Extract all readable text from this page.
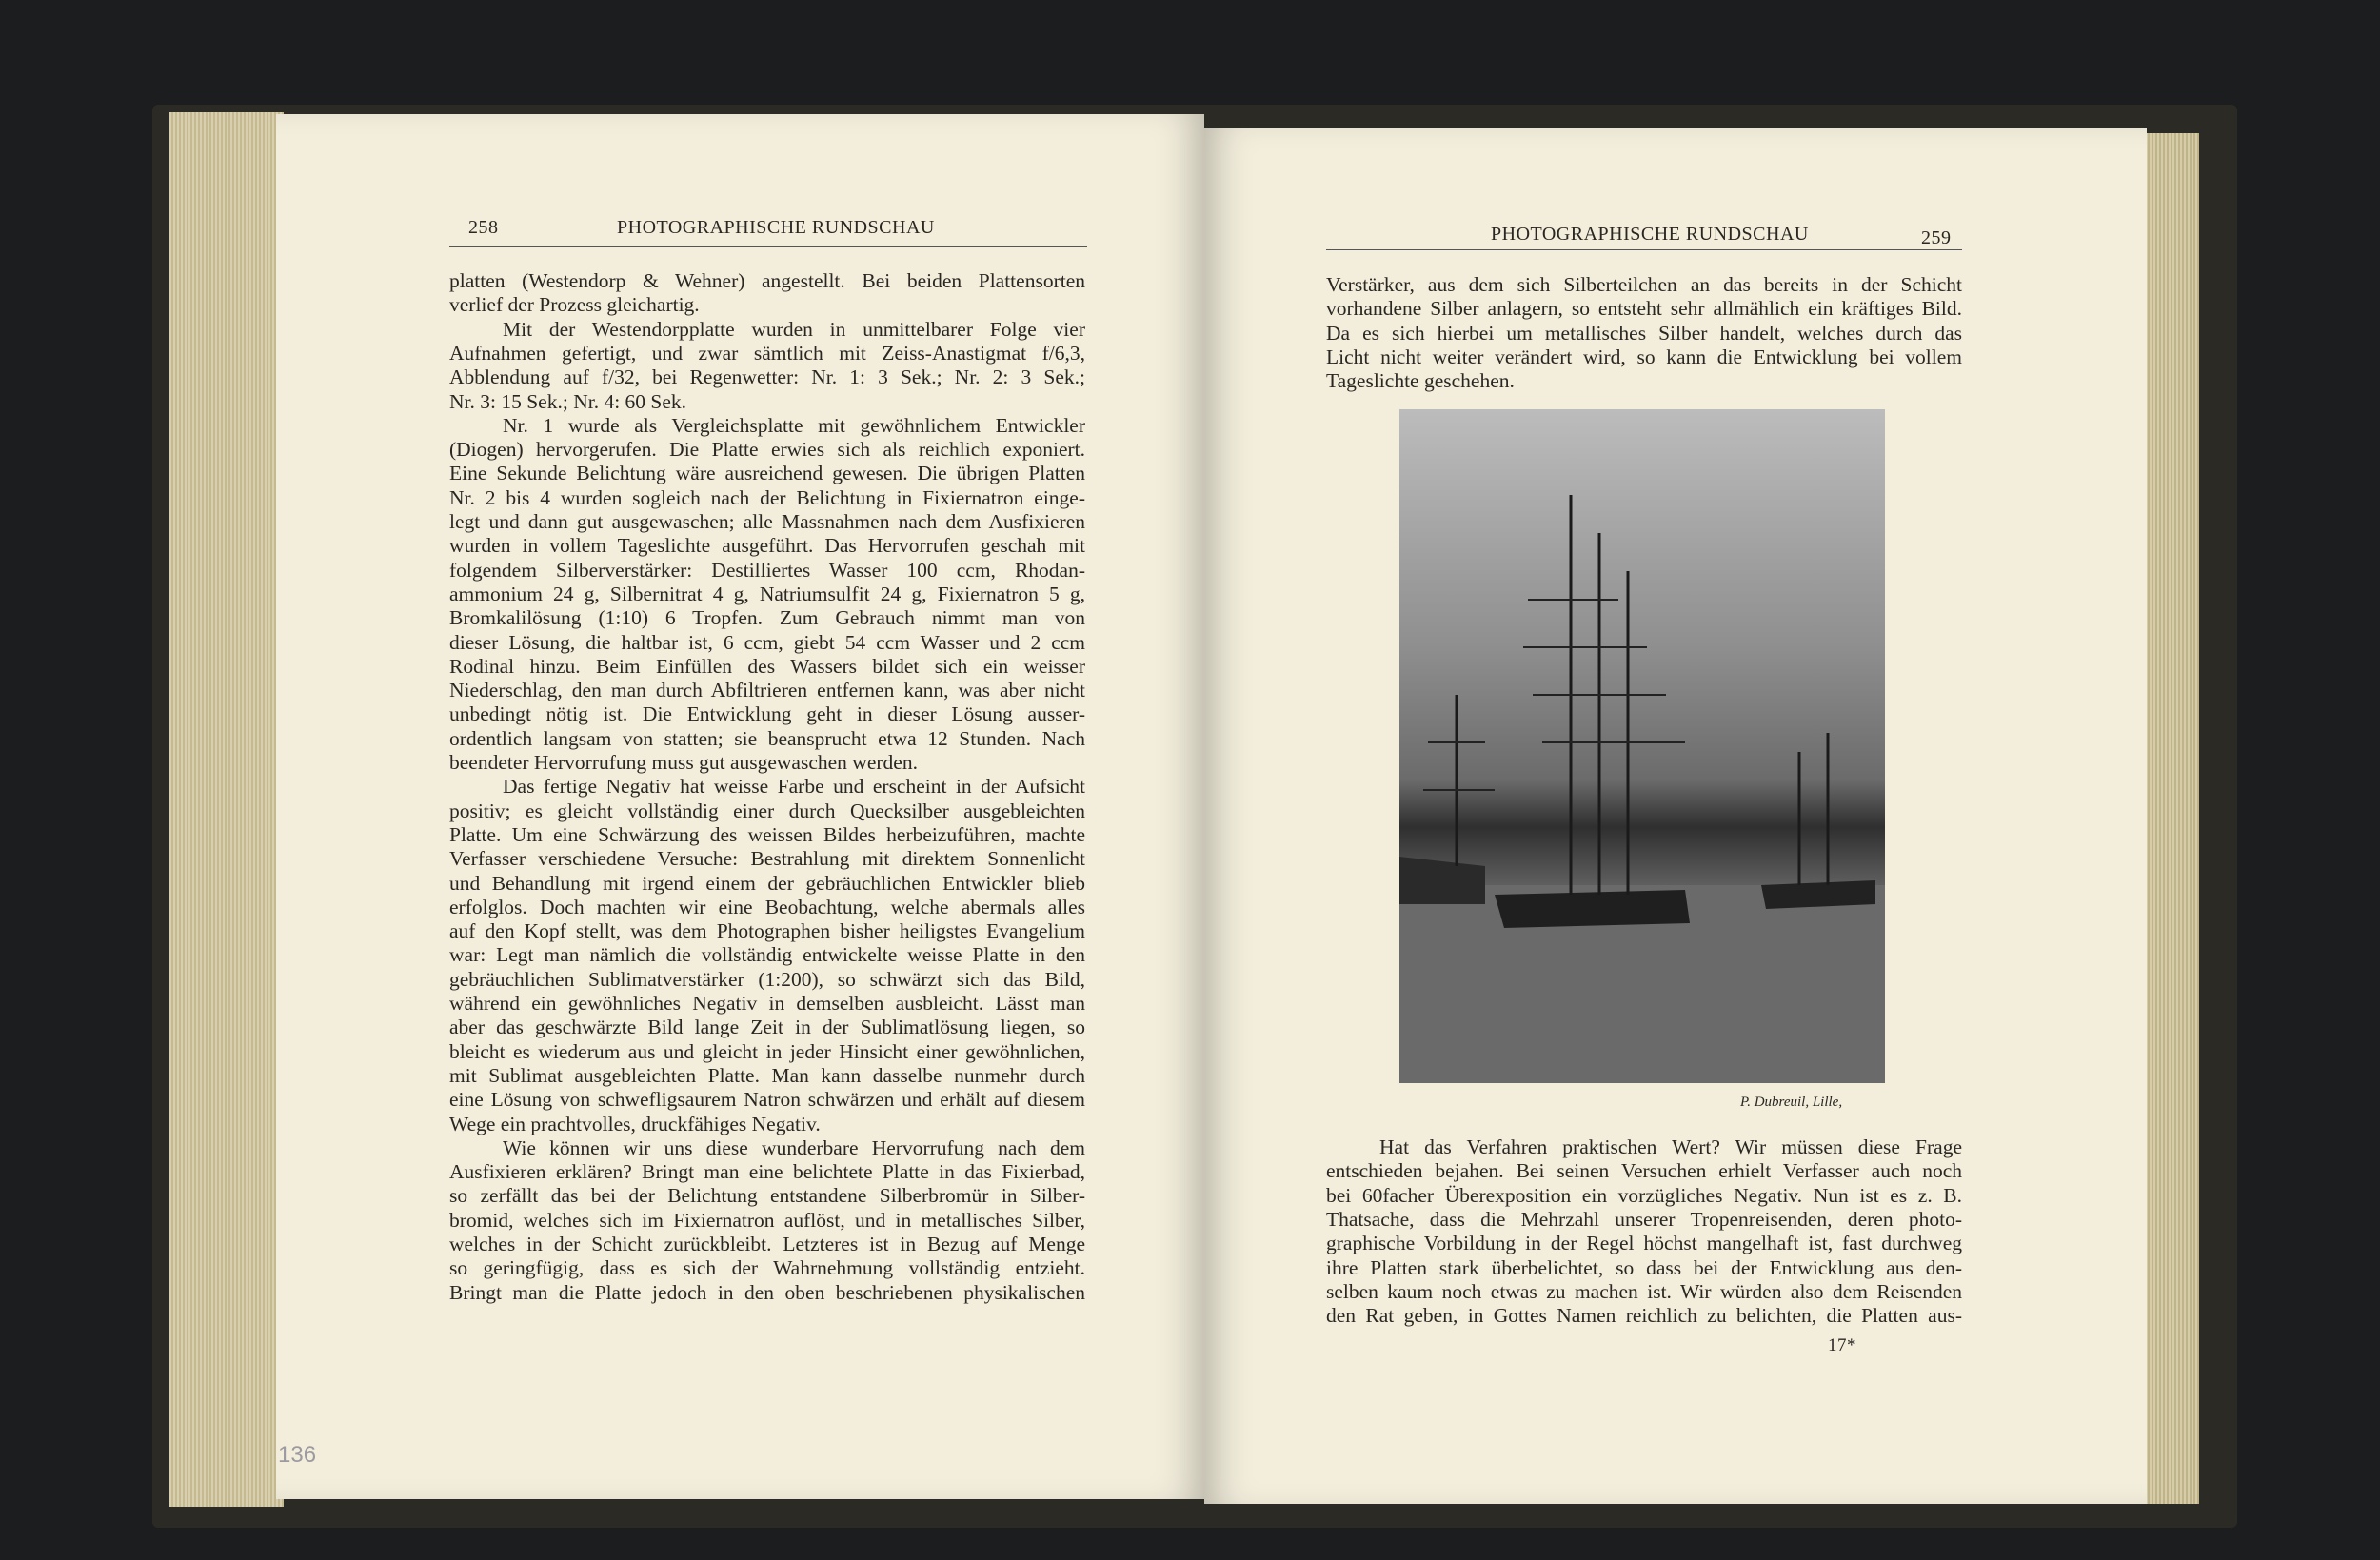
258	PHOTOGRAPHISCHE RUNDSCHAU	PHOTOGRAPHISCHE RUNDSCHAU	259
platten (Westendorp & Wehner) angestellt. Bei beiden Plattensorten
verlief der Prozess gleichartig.
Mit der Westendorpplatte wurden in unmittelbarer Folge vier
Aufnahmen gefertigt, und zwar sämtlich mit Zeiss-Anastigmat f/6,3,
Abblendung auf f/32, bei Regenwetter: Nr. 1: 3 Sek.; Nr. 2: 3 Sek.;
Nr. 3: 15 Sek.; Nr. 4: 60 Sek.
Nr. 1 wurde als Vergleichsplatte mit gewöhnlichem Entwickler
(Diogen) hervorgerufen. Die Platte erwies sich als reichlich exponiert.
Eine Sekunde Belichtung wäre ausreichend gewesen. Die übrigen Platten
Nr. 2 bis 4 wurden sogleich nach der Belichtung in Fixiernatron einge-
legt und dann gut ausgewaschen; alle Massnahmen nach dem Ausfixieren
wurden in vollem Tageslichte ausgeführt. Das Hervorrufen geschah mit
folgendem Silberverstärker: Destilliertes Wasser 100 ccm, Rhodan-
ammonium 24 g, Silbernitrat 4 g, Natriumsulfit 24 g, Fixiernatron 5 g,
Bromkalilösung (1:10) 6 Tropfen. Zum Gebrauch nimmt man von
dieser Lösung, die haltbar ist, 6 ccm, giebt 54 ccm Wasser und 2 ccm
Rodinal hinzu. Beim Einfüllen des Wassers bildet sich ein weisser
Niederschlag, den man durch Abfiltrieren entfernen kann, was aber nicht
unbedingt nötig ist. Die Entwicklung geht in dieser Lösung ausser-
ordentlich langsam von statten; sie beansprucht etwa 12 Stunden. Nach
beendeter Hervorrufung muss gut ausgewaschen werden.
Das fertige Negativ hat weisse Farbe und erscheint in der Aufsicht
positiv; es gleicht vollständig einer durch Quecksilber ausgebleichten
Platte. Um eine Schwärzung des weissen Bildes herbeizuführen, machte
Verfasser verschiedene Versuche: Bestrahlung mit direktem Sonnenlicht
und Behandlung mit irgend einem der gebräuchlichen Entwickler blieb
erfolglos. Doch machten wir eine Beobachtung, welche abermals alles
auf den Kopf stellt, was dem Photographen bisher heiligstes Evangelium
war: Legt man nämlich die vollständig entwickelte weisse Platte in den
gebräuchlichen Sublimatverstärker (1:200), so schwärzt sich das Bild,
während ein gewöhnliches Negativ in demselben ausbleicht. Lässt man
aber das geschwärzte Bild lange Zeit in der Sublimatlösung liegen, so
bleicht es wiederum aus und gleicht in jeder Hinsicht einer gewöhnlichen,
mit Sublimat ausgebleichten Platte. Man kann dasselbe nunmehr durch
eine Lösung von schwefligsaurem Natron schwärzen und erhält auf diesem
Wege ein prachtvolles, druckfähiges Negativ.
Wie können wir uns diese wunderbare Hervorrufung nach dem
Ausfixieren erklären? Bringt man eine belichtete Platte in das Fixierbad,
so zerfällt das bei der Belichtung entstandene Silberbromür in Silber-
bromid, welches sich im Fixiernatron auflöst, und in metallisches Silber,
welches in der Schicht zurückbleibt. Letzteres ist in Bezug auf Menge
so geringfügig, dass es sich der Wahrnehmung vollständig entzieht.
Bringt man die Platte jedoch in den oben beschriebenen physikalischen
Verstärker, aus dem sich Silberteilchen an das bereits in der Schicht
vorhandene Silber anlagern, so entsteht sehr allmählich ein kräftiges Bild.
Da es sich hierbei um metallisches Silber handelt, welches durch das
Licht nicht weiter verändert wird, so kann die Entwicklung bei vollem
Tageslichte geschehen.
P. Dubreuil, Lille,
Hat das Verfahren praktischen Wert? Wir müssen diese Frage
entschieden bejahen. Bei seinen Versuchen erhielt Verfasser auch noch
bei 60facher Überexposition ein vorzügliches Negativ. Nun ist es z. B.
Thatsache, dass die Mehrzahl unserer Tropenreisenden, deren photo-
graphische Vorbildung in der Regel höchst mangelhaft ist, fast durchweg
ihre Platten stark überbelichtet, so dass bei der Entwicklung aus den-
selben kaum noch etwas zu machen ist. Wir würden also dem Reisenden
den Rat geben, in Gottes Namen reichlich zu belichten, die Platten aus-
17*
136
